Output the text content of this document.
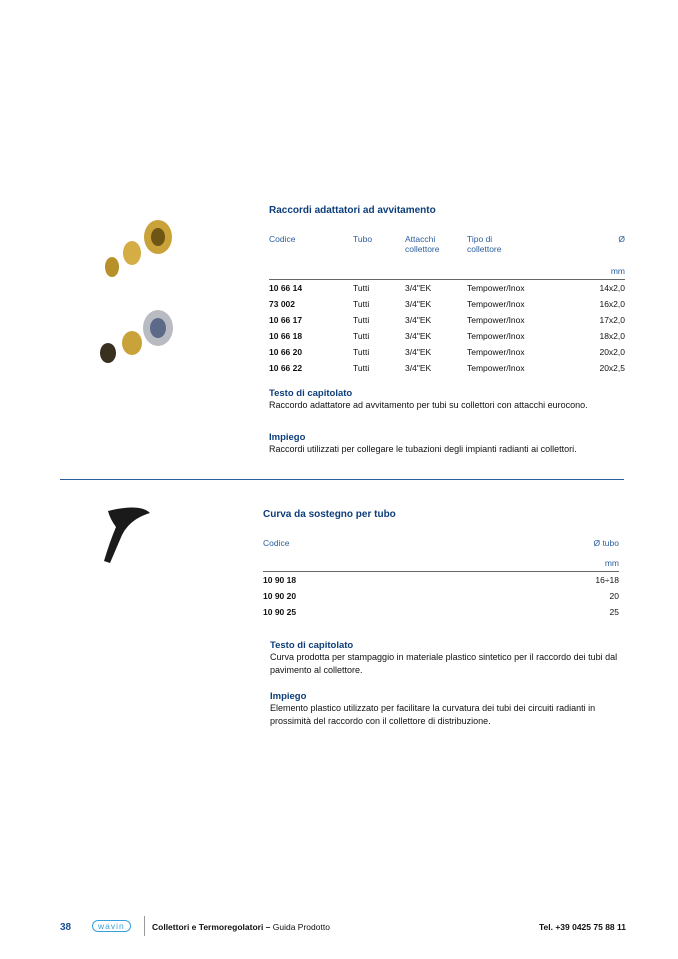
Raccordi adattatori ad avvitamento
Codice	Tubo	Attacchi collettore	Tipo di collettore	Ø
mm				
10 66 14	Tutti	3/4"EK	Tempower/Inox	14x2,0
73 002	Tutti	3/4"EK	Tempower/Inox	16x2,0
10 66 17	Tutti	3/4"EK	Tempower/Inox	17x2,0
10 66 18	Tutti	3/4"EK	Tempower/Inox	18x2,0
10 66 20	Tutti	3/4"EK	Tempower/Inox	20x2,0
10 66 22	Tutti	3/4"EK	Tempower/Inox	20x2,5
Testo di capitolato

Raccordo adattatore ad avvitamento per tubi su collettori con attacchi eurocono.

Impiego

Raccordi utilizzati per collegare le tubazioni degli impianti radianti ai collettori.

Curva da sostegno per tubo
Codice	Ø tubo
mm	
10 90 18	16÷18
10 90 20	20
10 90 25	25
Testo di capitolato

Curva prodotta per stampaggio in materiale plastico sintetico per il raccordo dei tubi dal pavimento al collettore.

Impiego

Elemento plastico utilizzato per facilitare la curvatura dei tubi dei circuiti radianti in prossimità del raccordo con il collettore di distribuzione.

38	wavin	Collettori e Termoregolatori – Guida Prodotto	Tel. +39 0425 75 88 11
